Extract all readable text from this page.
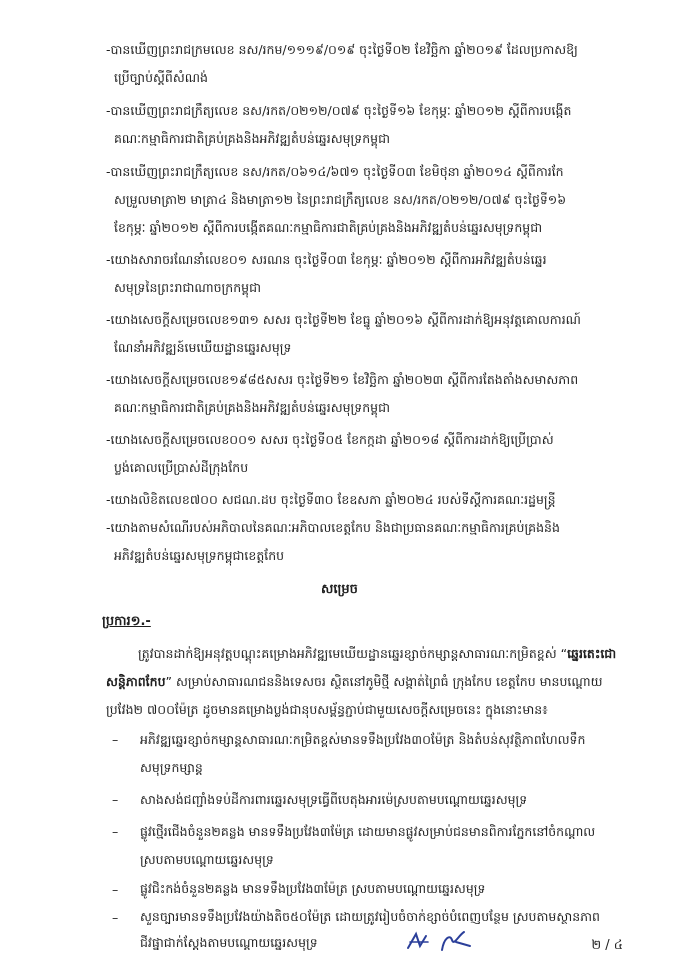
-បានឃើញព្រះរាជក្រមលេខ នស/រកម/១១១៩/០១៩ ចុះថ្ងៃទី០២ ខែវិច្ឆិកា ឆ្នាំ២០១៩ ដែលប្រកាសឱ្យ
ប្រើច្បាប់ស្តីពីសំណង់
-បានឃើញព្រះរាជក្រឹត្យលេខ នស/រកត/០២១២/០៧៩ ចុះថ្ងៃទី១៦ ខែកុម្ភៈ ឆ្នាំ២០១២ ស្តីពីការបង្កើត
គណៈកម្មាធិការជាតិគ្រប់គ្រងនិងអភិវឌ្ឍតំបន់ឆ្នេរសមុទ្រកម្ពុជា
-បានឃើញព្រះរាជក្រឹត្យលេខ នស/រកត/០៦១៤/៦៧១ ចុះថ្ងៃទី០៣ ខែមិថុនា ឆ្នាំ២០១៤ ស្តីពីការកែ
សម្រួលមាត្រា២ មាត្រា៤ និងមាត្រា១២ នៃព្រះរាជក្រឹត្យលេខ នស/រកត/០២១២/០៧៩ ចុះថ្ងៃទី១៦
ខែកុម្ភៈ ឆ្នាំ២០១២ ស្តីពីការបង្កើតគណៈកម្មាធិការជាតិគ្រប់គ្រងនិងអភិវឌ្ឍតំបន់ឆ្នេរសមុទ្រកម្ពុជា
-យោងសារាចរណែនាំលេខ០១ សរណន ចុះថ្ងៃទី០៣ ខែកុម្ភៈ ឆ្នាំ២០១២ ស្តីពីការអភិវឌ្ឍតំបន់ឆ្នេរ
សមុទ្រនៃព្រះរាជាណាចក្រកម្ពុជា
-យោងសេចក្តីសម្រេចលេខ១៣១ សសរ ចុះថ្ងៃទី២២ ខែធ្នូ ឆ្នាំ២០១៦ ស្តីពីការដាក់ឱ្យអនុវត្តគោលការណ៍
ណែនាំអភិវឌ្ឍន៍មេឃើយដ្ឋានឆ្នេរសមុទ្រ
-យោងសេចក្តីសម្រេចលេខ១៩៨៥សសរ ចុះថ្ងៃទី២១ ខែវិច្ឆិកា ឆ្នាំ២០២៣ ស្តីពីការតែងតាំងសមាសភាព
គណៈកម្មាធិការជាតិគ្រប់គ្រងនិងអភិវឌ្ឍតំបន់ឆ្នេរសមុទ្រកម្ពុជា
-យោងសេចក្តីសម្រេចលេខ០០១ សសរ ចុះថ្ងៃទី០៥ ខែកក្កដា ឆ្នាំ២០១៨ ស្តីពីការដាក់ឱ្យប្រើប្រាស់
ប្លង់គោលប្រើប្រាស់ដីក្រុងកែប
-យោងលិខិតលេខ៧០០ សជណ.ដប ចុះថ្ងៃទី៣០ ខែឧសភា ឆ្នាំ២០២៤ របស់ទីស្តីការគណៈរដ្ឋមន្ត្រី
-យោងតាមសំណើរបស់អភិបាលនៃគណៈអភិបាលខេត្តកែប និងជាប្រធានគណៈកម្មាធិការគ្រប់គ្រងនិង
អភិវឌ្ឍតំបន់ឆ្នេរសមុទ្រកម្ពុជាខេត្តកែប
សម្រេច
ប្រការ១.-
ត្រូវបានដាក់ឱ្យអនុវត្តបណ្តុះគម្រោងអភិវឌ្ឍមេឃើយដ្ឋានឆ្នេរខ្សាច់កម្សាន្តសាធារណៈកម្រិតខ្ពស់ “ឆ្នេរតេះជោ
សន្តិភាពកែប” សម្រាប់សាធារណជននិងទេសចរ ស្ថិតនៅភូមិថ្មី សង្កាត់ព្រៃធំ ក្រុងកែប ខេត្តកែប មានបណ្តោយ
ប្រវែង២ ៧០០ម៉ែត្រ ដូចមានគម្រោងប្លង់ជានុបសម្ព័ន្ធភ្ជាប់ជាមួយសេចក្តីសម្រេចនេះ ក្នុងនោះមាន៖
– អភិវឌ្ឍឆ្នេរខ្សាច់កម្សាន្តសាធារណៈកម្រិតខ្ពស់មានទទឹងប្រវែង៣០ម៉ែត្រ និងតំបន់សុវត្ថិភាពហែលទឹក
សមុទ្រកម្សាន្ត
– សាងសង់ជញ្ជាំងទប់ដីការពារឆ្នេរសមុទ្រធ្វើពីបេតុងអារម៉េស្របតាមបណ្តោយឆ្នេរសមុទ្រ
– ផ្លូវថ្មើរជើងចំនួន២គន្លង មានទទឹងប្រវែង៣ម៉ែត្រ ដោយមានផ្លូវសម្រាប់ជនមានពិការភ្នែកនៅចំកណ្តាល
ស្របតាមបណ្តោយឆ្នេរសមុទ្រ
២ / ៤
–
–
ផ្លូវជិះកង់ចំនួន២គន្លង មានទទឹងប្រវែង៣ម៉ែត្រ ស្របតាមបណ្តោយឆ្នេរសមុទ្រ
សួនច្បារមានទទឹងប្រវែងយ៉ាងតិច៥០ម៉ែត្រ ដោយត្រូវរៀបចំចាក់ខ្សាច់បំពេញបន្ថែម ស្របតាមស្ថានភាព
ជីវផ្នាជាក់ស្តែងតាមបណ្តោយឆ្នេរសមុទ្រ
